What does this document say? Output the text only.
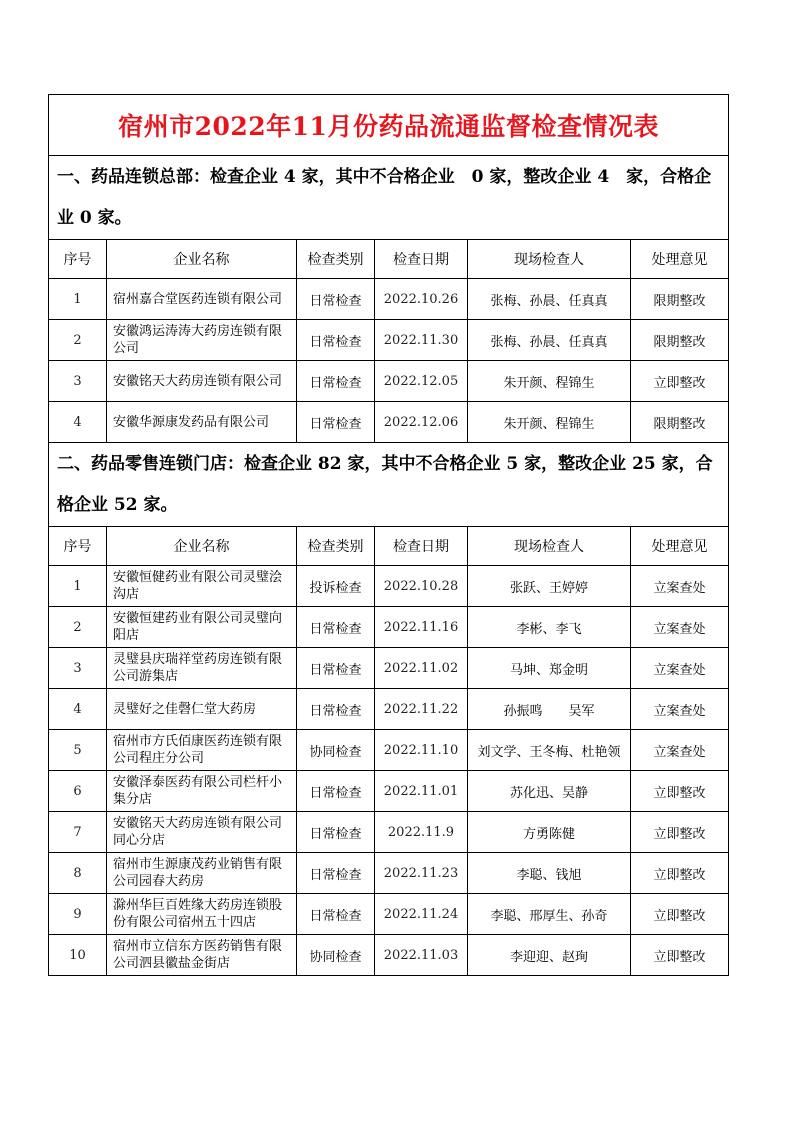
宿州市2022年11月份药品流通监督检查情况表					
一、药品连锁总部：检查企业 4 家，其中不合格企业　0 家，整改企业 4　家，合格企业 0 家。					
序号	企业名称	检查类别	检查日期	现场检查人	处理意见
1	宿州嘉合堂医药连锁有限公司	日常检查	2022.10.26	张梅、孙晨、任真真	限期整改
2	安徽鸿运涛涛大药房连锁有限公司	日常检查	2022.11.30	张梅、孙晨、任真真	限期整改
3	安徽铭天大药房连锁有限公司	日常检查	2022.12.05	朱开颜、程锦生	立即整改
4	安徽华源康发药品有限公司	日常检查	2022.12.06	朱开颜、程锦生	限期整改
二、药品零售连锁门店：检查企业 82 家，其中不合格企业 5 家，整改企业 25 家，合格企业 52 家。					
序号	企业名称	检查类别	检查日期	现场检查人	处理意见
1	安徽恒健药业有限公司灵璧浍沟店	投诉检查	2022.10.28	张跃、王婷婷	立案查处
2	安徽恒建药业有限公司灵璧向阳店	日常检查	2022.11.16	李彬、李飞	立案查处
3	灵璧县庆瑞祥堂药房连锁有限公司游集店	日常检查	2022.11.02	马坤、郑金明	立案查处
4	灵璧好之佳磬仁堂大药房	日常检查	2022.11.22	孙振鸣　　吴军	立案查处
5	宿州市方氏佰康医药连锁有限公司程庄分公司	协同检查	2022.11.10	刘文学、王冬梅、杜艳领	立案查处
6	安徽泽泰医药有限公司栏杆小集分店	日常检查	2022.11.01	苏化迅、吴静	立即整改
7	安徽铭天大药房连锁有限公司同心分店	日常检查	2022.11.9	方勇陈健	立即整改
8	宿州市生源康茂药业销售有限公司园春大药房	日常检查	2022.11.23	李聪、钱旭	立即整改
9	滁州华巨百姓缘大药房连锁股份有限公司宿州五十四店	日常检查	2022.11.24	李聪、邢厚生、孙奇	立即整改
10	宿州市立信东方医药销售有限公司泗县徽盐金街店	协同检查	2022.11.03	李迎迎、赵珣	立即整改
